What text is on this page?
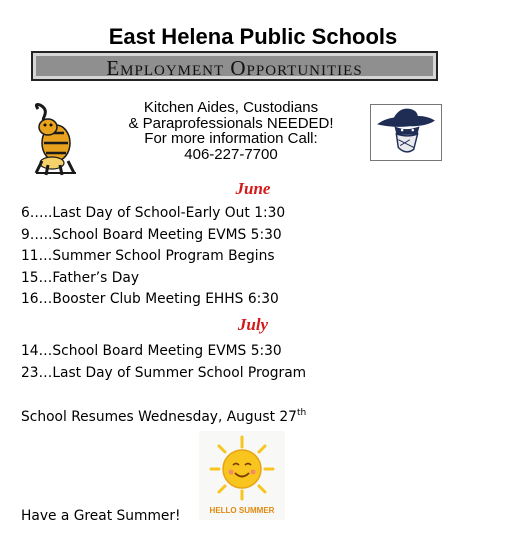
East Helena Public Schools
Employment Opportunities
Kitchen Aides, Custodians
& Paraprofessionals NEEDED!
For more information Call:
406-227-7700
June
6…..Last Day of School-Early Out 1:30
9…..School Board Meeting EVMS 5:30
11…Summer School Program Begins
15…Father’s Day
16…Booster Club Meeting EHHS 6:30
July
14…School Board Meeting EVMS 5:30
23…Last Day of Summer School Program
School Resumes Wednesday, August 27th
HELLO SUMMER
Have a Great Summer!
